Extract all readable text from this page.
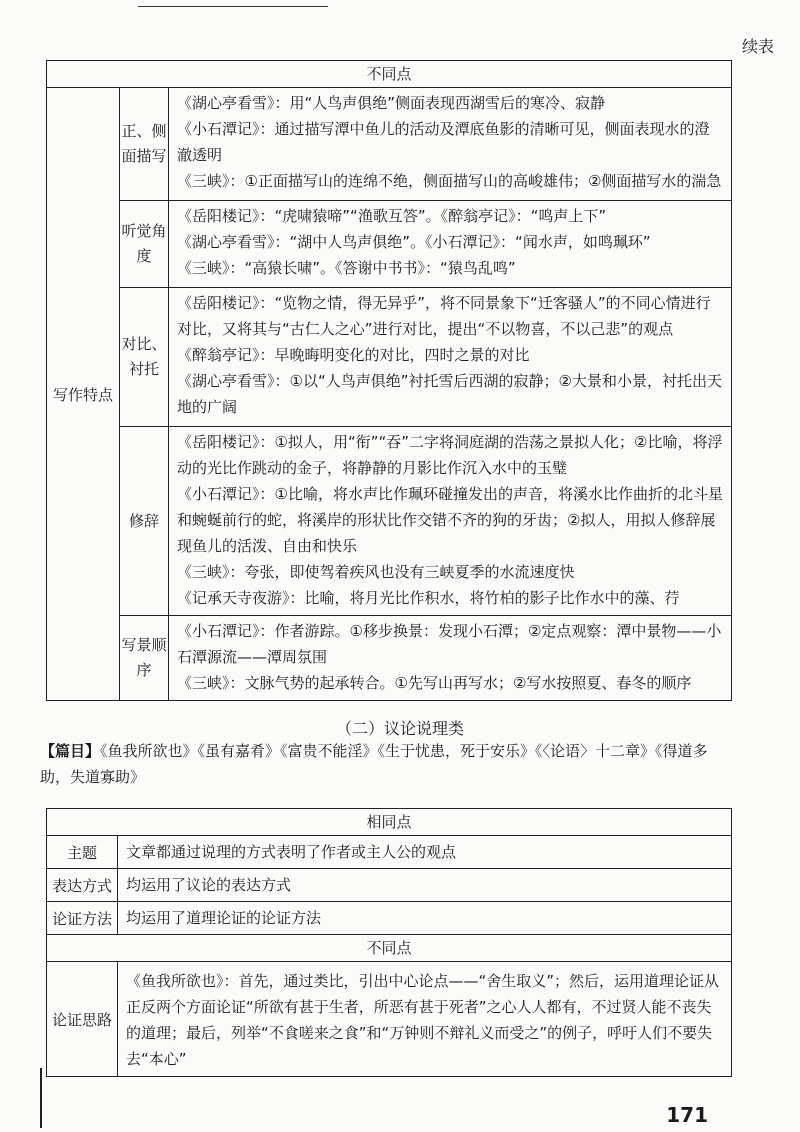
续表
不同点		
写作特点	正、侧面描写	《湖心亭看雪》：用“人鸟声俱绝”侧面表现西湖雪后的寒冷、寂静
《小石潭记》：通过描写潭中鱼儿的活动及潭底鱼影的清晰可见，侧面表现水的澄澈透明
《三峡》：①正面描写山的连绵不绝，侧面描写山的高峻雄伟；②侧面描写水的湍急

	听觉角度	《岳阳楼记》：“虎啸猿啼”“渔歌互答”。《醉翁亭记》：“鸣声上下”
《湖心亭看雪》：“湖中人鸟声俱绝”。《小石潭记》：“闻水声，如鸣珮环”
《三峡》：“高猿长啸”。《答谢中书书》：“猿鸟乱鸣”

	对比、衬托	《岳阳楼记》：“览物之情，得无异乎”，将不同景象下“迁客骚人”的不同心情进行对比，又将其与“古仁人之心”进行对比，提出“不以物喜，不以己悲”的观点
《醉翁亭记》：早晚晦明变化的对比，四时之景的对比
《湖心亭看雪》：①以“人鸟声俱绝”衬托雪后西湖的寂静；②大景和小景，衬托出天地的广阔

	修辞	《岳阳楼记》：①拟人，用“衔”“吞”二字将洞庭湖的浩荡之景拟人化；②比喻，将浮动的光比作跳动的金子，将静静的月影比作沉入水中的玉璧
《小石潭记》：①比喻，将水声比作珮环碰撞发出的声音，将溪水比作曲折的北斗星和蜿蜒前行的蛇，将溪岸的形状比作交错不齐的狗的牙齿；②拟人，用拟人修辞展现鱼儿的活泼、自由和快乐
《三峡》：夸张，即使驾着疾风也没有三峡夏季的水流速度快
《记承天寺夜游》：比喻，将月光比作积水，将竹柏的影子比作水中的藻、荇

	写景顺序	《小石潭记》：作者游踪。①移步换景：发现小石潭；②定点观察：潭中景物——小石潭源流——潭周氛围
《三峡》：文脉气势的起承转合。①先写山再写水；②写水按照夏、春冬的顺序
（二）议论说理类
【篇目】《鱼我所欲也》《虽有嘉肴》《富贵不能淫》《生于忧患，死于安乐》《〈论语〉十二章》《得道多助，失道寡助》
相同点	
主题	文章都通过说理的方式表明了作者或主人公的观点
表达方式	均运用了议论的表达方式
论证方法	均运用了道理论证的论证方法
不同点	
论证思路	《鱼我所欲也》：首先，通过类比，引出中心论点——“舍生取义”；然后，运用道理论证从正反两个方面论证“所欲有甚于生者，所恶有甚于死者”之心人人都有，不过贤人能不丧失的道理；最后，列举“不食嗟来之食”和“万钟则不辩礼义而受之”的例子，呼吁人们不要失去“本心”
171
